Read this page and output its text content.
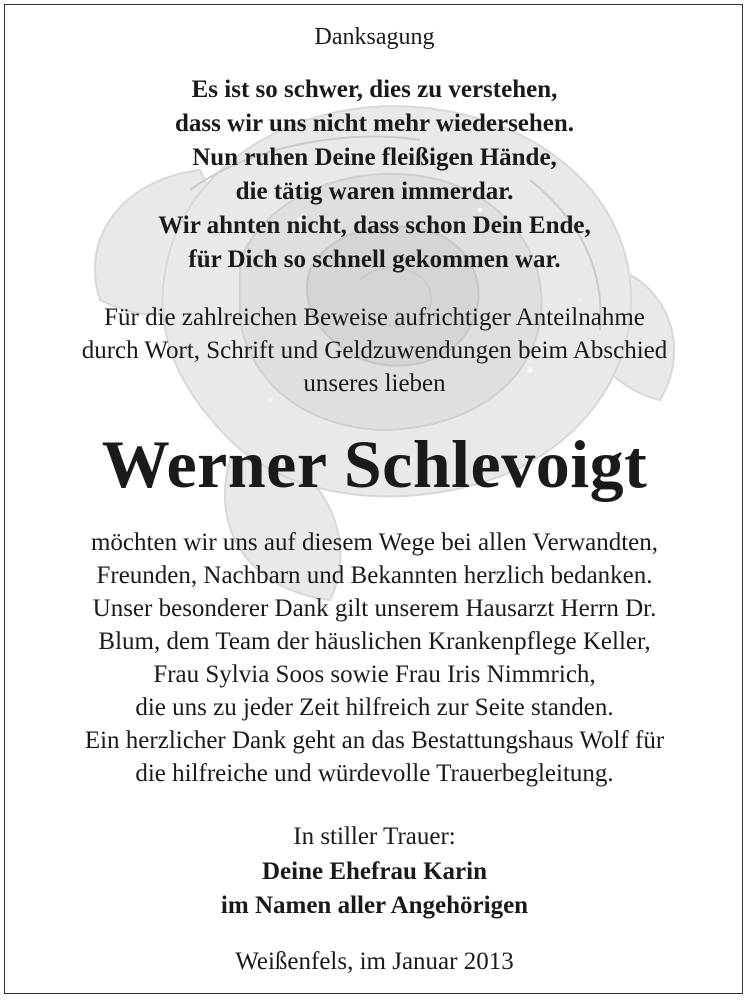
Danksagung
Es ist so schwer, dies zu verstehen,
dass wir uns nicht mehr wiedersehen.
Nun ruhen Deine fleißigen Hände,
die tätig waren immerdar.
Wir ahnten nicht, dass schon Dein Ende,
für Dich so schnell gekommen war.
Für die zahlreichen Beweise aufrichtiger Anteilnahme
durch Wort, Schrift und Geldzuwendungen beim Abschied
unseres lieben
Werner Schlevoigt
möchten wir uns auf diesem Wege bei allen Verwandten,
Freunden, Nachbarn und Bekannten herzlich bedanken.
Unser besonderer Dank gilt unserem Hausarzt Herrn Dr.
Blum, dem Team der häuslichen Krankenpflege Keller,
Frau Sylvia Soos sowie Frau Iris Nimmrich,
die uns zu jeder Zeit hilfreich zur Seite standen.
Ein herzlicher Dank geht an das Bestattungshaus Wolf für
die hilfreiche und würdevolle Trauerbegleitung.
In stiller Trauer:
Deine Ehefrau Karin
im Namen aller Angehörigen
Weißenfels, im Januar 2013
